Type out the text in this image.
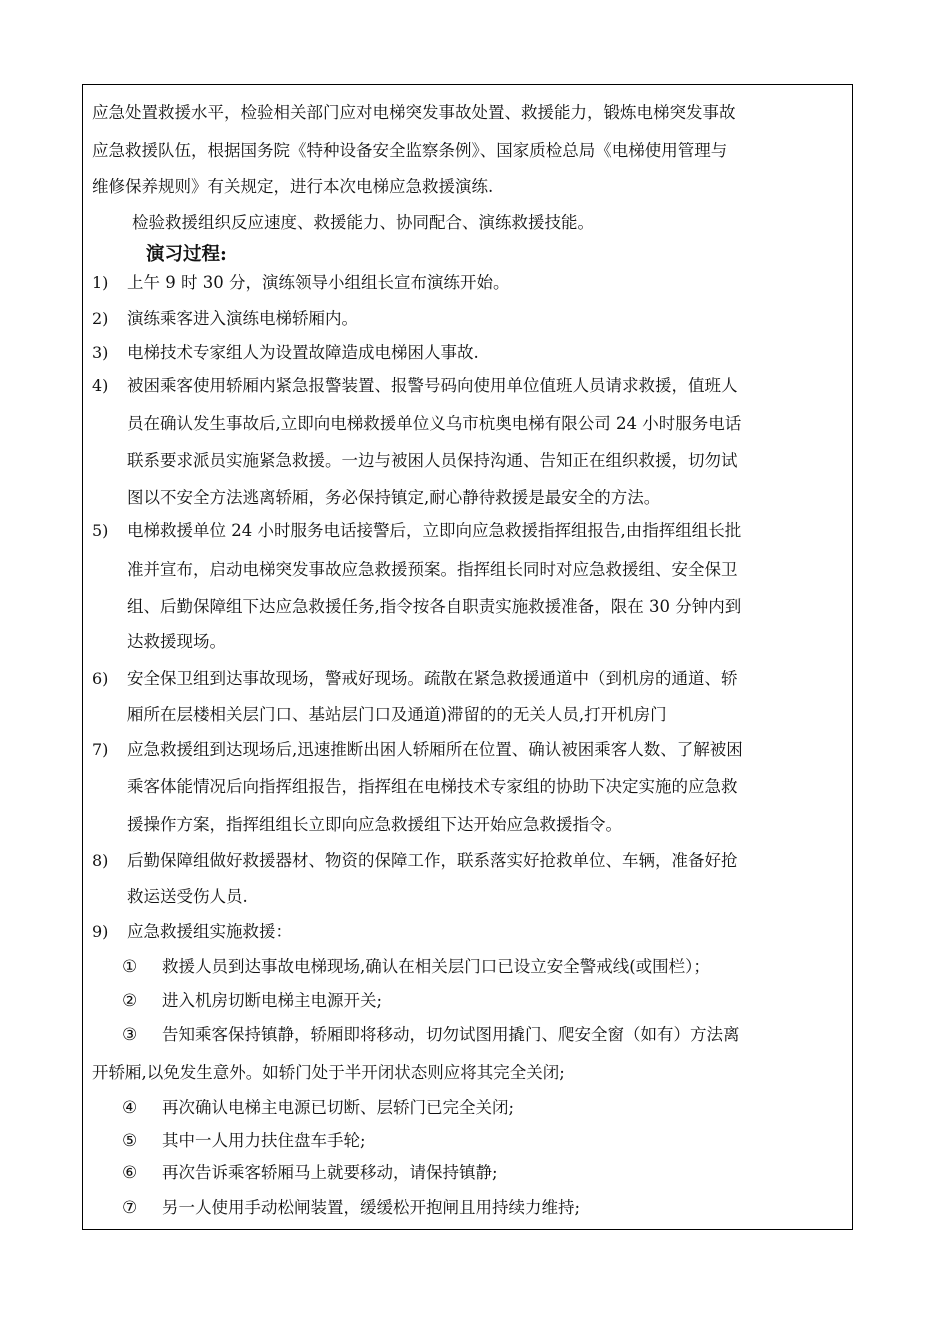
应急处置救援水平，检验相关部门应对电梯突发事故处置、救援能力，锻炼电梯突发事故
应急救援队伍，根据国务院《特种设备安全监察条例》、国家质检总局《电梯使用管理与
维修保养规则》有关规定，进行本次电梯应急救援演练.
检验救援组织反应速度、救援能力、协同配合、演练救援技能。
演习过程:
1) 上午 9 时 30 分，演练领导小组组长宣布演练开始。
2) 演练乘客进入演练电梯轿厢内。
3) 电梯技术专家组人为设置故障造成电梯困人事故.
4) 被困乘客使用轿厢内紧急报警装置、报警号码向使用单位值班人员请求救援，值班人
员在确认发生事故后,立即向电梯救援单位义乌市杭奥电梯有限公司 24 小时服务电话
联系要求派员实施紧急救援。一边与被困人员保持沟通、告知正在组织救援，切勿试
图以不安全方法逃离轿厢，务必保持镇定,耐心静待救援是最安全的方法。
5) 电梯救援单位 24 小时服务电话接警后，立即向应急救援指挥组报告,由指挥组组长批
准并宣布，启动电梯突发事故应急救援预案。指挥组长同时对应急救援组、安全保卫
组、后勤保障组下达应急救援任务,指令按各自职责实施救援准备，限在 30 分钟内到
达救援现场。
6) 安全保卫组到达事故现场，警戒好现场。疏散在紧急救援通道中（到机房的通道、轿
厢所在层楼相关层门口、基站层门口及通道)滞留的的无关人员,打开机房门
7) 应急救援组到达现场后,迅速推断出困人轿厢所在位置、确认被困乘客人数、了解被困
乘客体能情况后向指挥组报告，指挥组在电梯技术专家组的协助下决定实施的应急救
援操作方案，指挥组组长立即向应急救援组下达开始应急救援指令。
8) 后勤保障组做好救援器材、物资的保障工作，联系落实好抢救单位、车辆，准备好抢
救运送受伤人员.
9) 应急救援组实施救援：
① 救援人员到达事故电梯现场,确认在相关层门口已设立安全警戒线(或围栏）；
② 进入机房切断电梯主电源开关;
③ 告知乘客保持镇静，轿厢即将移动，切勿试图用撬门、爬安全窗（如有）方法离
开轿厢,以免发生意外。如轿门处于半开闭状态则应将其完全关闭;
④ 再次确认电梯主电源已切断、层轿门已完全关闭;
⑤ 其中一人用力扶住盘车手轮;
⑥ 再次告诉乘客轿厢马上就要移动，请保持镇静;
⑦ 另一人使用手动松闸装置，缓缓松开抱闸且用持续力维持;
